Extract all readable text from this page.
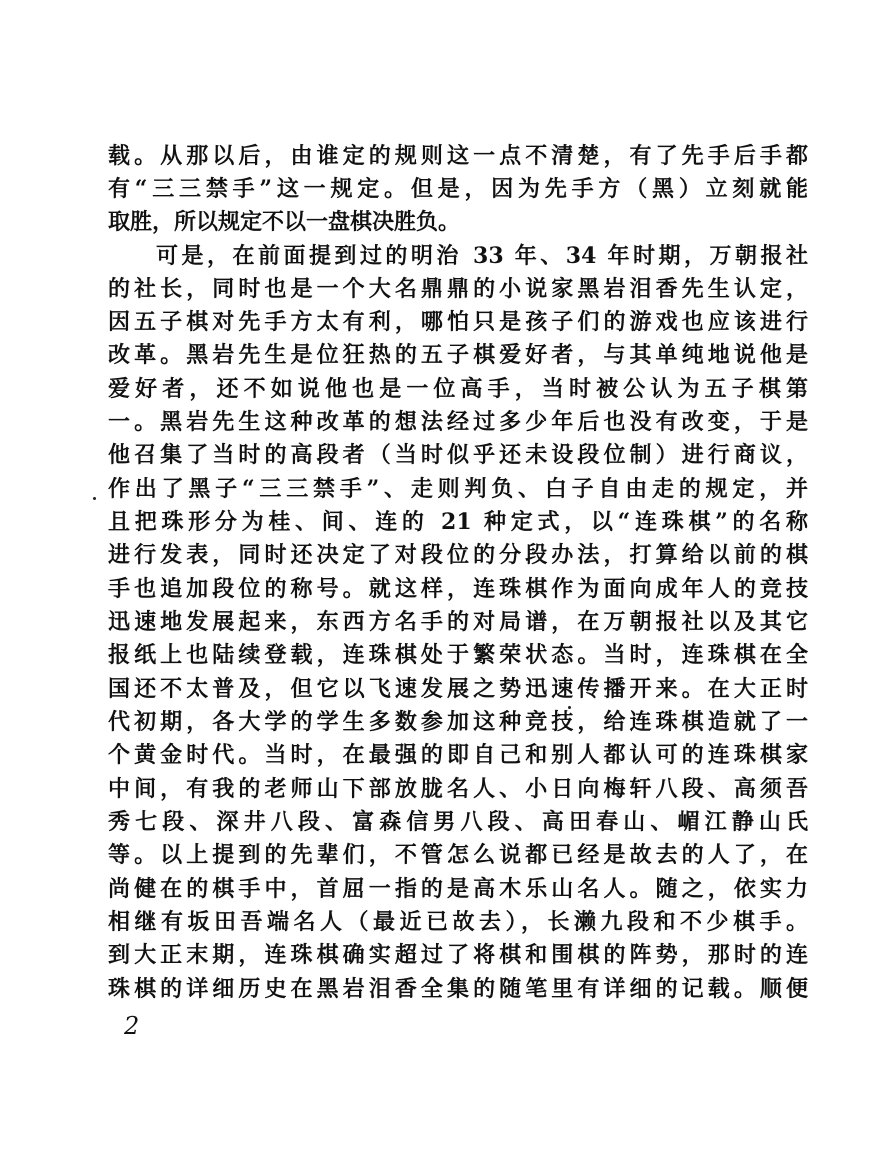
载。从那以后，由谁定的规则这一点不清楚，有了先手后手都
有“三三禁手”这一规定。但是，因为先手方（黑）立刻就能
取胜，所以规定不以一盘棋决胜负。
可是，在前面提到过的明治 33 年、34 年时期，万朝报社
的社长，同时也是一个大名鼎鼎的小说家黑岩泪香先生认定，
因五子棋对先手方太有利，哪怕只是孩子们的游戏也应该进行
改革。黑岩先生是位狂热的五子棋爱好者，与其单纯地说他是
爱好者，还不如说他也是一位高手，当时被公认为五子棋第
一。黑岩先生这种改革的想法经过多少年后也没有改变，于是
他召集了当时的高段者（当时似乎还未设段位制）进行商议，
作出了黑子“三三禁手”、走则判负、白子自由走的规定，并
且把珠形分为桂、间、连的 21 种定式，以“连珠棋”的名称
进行发表，同时还决定了对段位的分段办法，打算给以前的棋
手也追加段位的称号。就这样，连珠棋作为面向成年人的竞技
迅速地发展起来，东西方名手的对局谱，在万朝报社以及其它
报纸上也陆续登载，连珠棋处于繁荣状态。当时，连珠棋在全
国还不太普及，但它以飞速发展之势迅速传播开来。在大正时
代初期，各大学的学生多数参加这种竞技，给连珠棋造就了一
个黄金时代。当时，在最强的即自己和别人都认可的连珠棋家
中间，有我的老师山下部放胧名人、小日向梅轩八段、高须吾
秀七段、深井八段、富森信男八段、高田春山、嵋江静山氏
等。以上提到的先辈们，不管怎么说都已经是故去的人了，在
尚健在的棋手中，首屈一指的是高木乐山名人。随之，依实力
相继有坂田吾端名人（最近已故去），长濑九段和不少棋手。
到大正末期，连珠棋确实超过了将棋和围棋的阵势，那时的连
珠棋的详细历史在黑岩泪香全集的随笔里有详细的记载。顺便
2
